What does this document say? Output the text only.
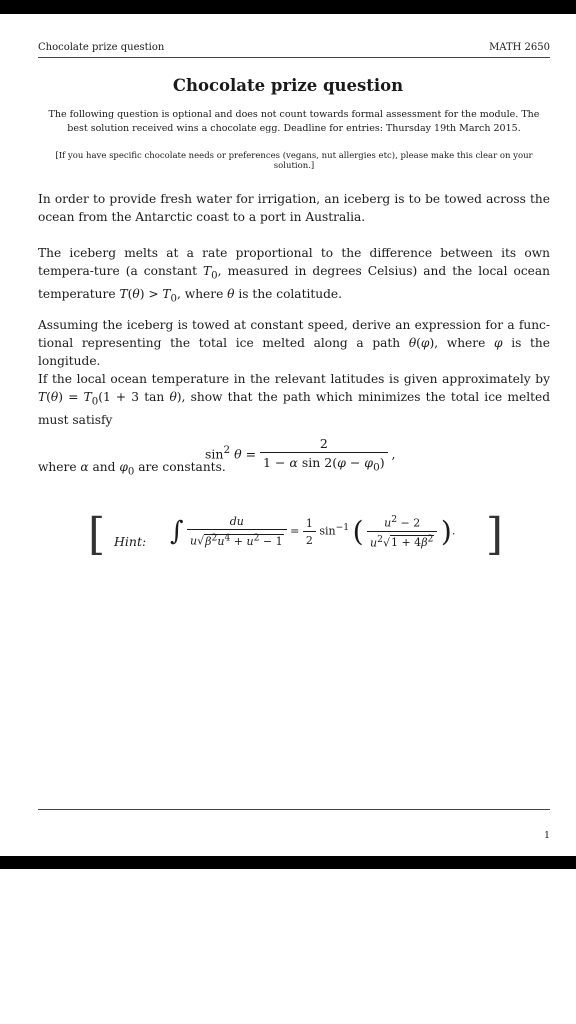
Chocolate prize question	MATH 2650
Chocolate prize question
The following question is optional and does not count towards formal assessment for the module. The best solution received wins a chocolate egg. Deadline for entries: Thursday 19th March 2015.
[If you have specific chocolate needs or preferences (vegans, nut allergies etc), please make this clear on your solution.]
In order to provide fresh water for irrigation, an iceberg is to be towed across the ocean from the Antarctic coast to a port in Australia.
The iceberg melts at a rate proportional to the difference between its own tempera-ture (a constant $T_0$, measured in degrees Celsius) and the local ocean temperature $T(\theta) > T_0$, where θ is the colatitude.
Assuming the iceberg is towed at constant speed, derive an expression for a func-tional representing the total ice melted along a path θ(φ), where φ is the longitude.
If the local ocean temperature in the relevant latitudes is given approximately by $T(\theta) = T_0(1 + 3$ tan θ), show that the path which minimizes the total ice melted must satisfy
$\sin^2 \theta = \frac{2}{1 - \alpha \sin 2(\varphi - \varphi_0)}$ ,
where α and $\varphi_0$ are constants.
[ Hint: ∫ $\frac{du}{u√\beta^2u^4 + u^2 - 1} = \frac{1}{2} \sin^{-1}$ ( $\frac{u^2 - 2}{u^2√1 + 4\beta^2}$ ). ]
1
